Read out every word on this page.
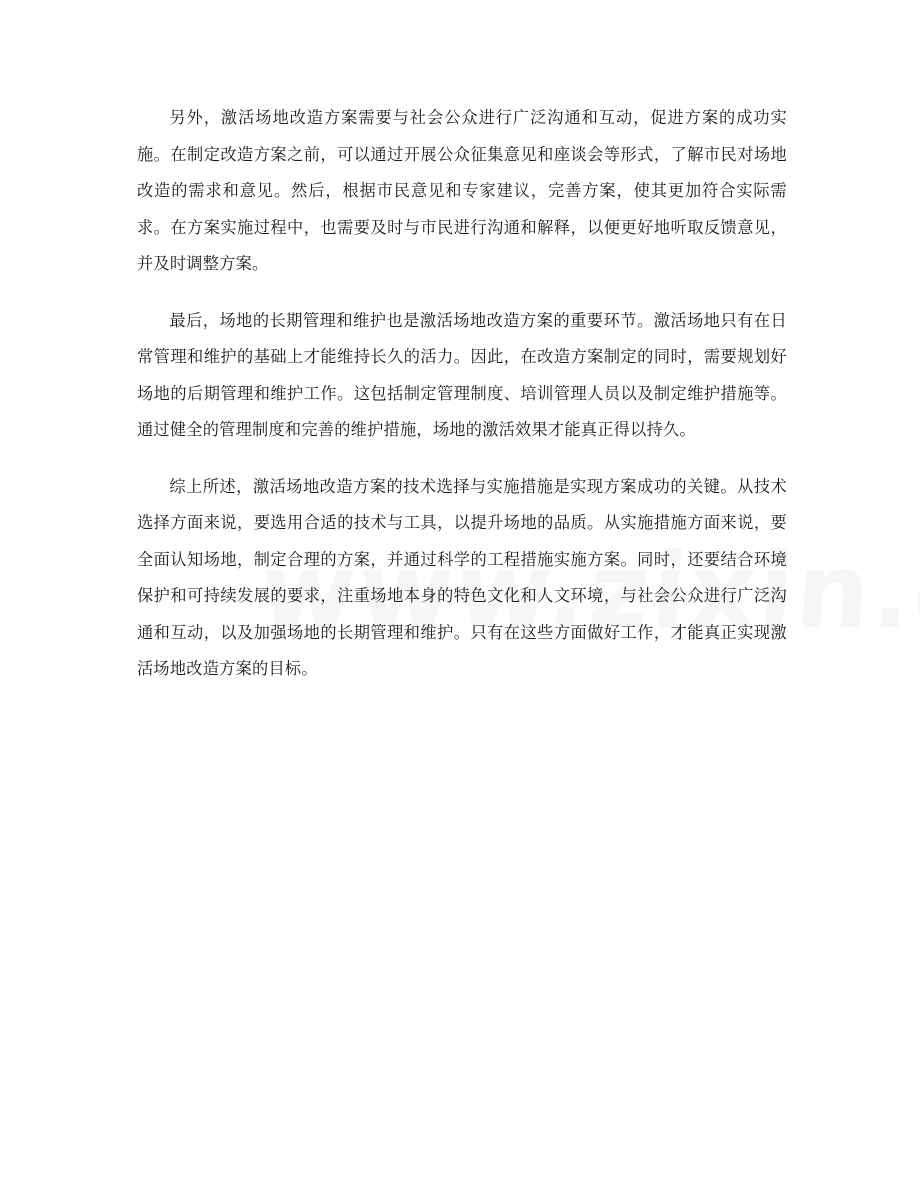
另外，激活场地改造方案需要与社会公众进行广泛沟通和互动，促进方案的成功实施。在制定改造方案之前，可以通过开展公众征集意见和座谈会等形式，了解市民对场地改造的需求和意见。然后，根据市民意见和专家建议，完善方案，使其更加符合实际需求。在方案实施过程中，也需要及时与市民进行沟通和解释，以便更好地听取反馈意见，并及时调整方案。

最后，场地的长期管理和维护也是激活场地改造方案的重要环节。激活场地只有在日常管理和维护的基础上才能维持长久的活力。因此，在改造方案制定的同时，需要规划好场地的后期管理和维护工作。这包括制定管理制度、培训管理人员以及制定维护措施等。通过健全的管理制度和完善的维护措施，场地的激活效果才能真正得以持久。

综上所述，激活场地改造方案的技术选择与实施措施是实现方案成功的关键。从技术选择方面来说，要选用合适的技术与工具，以提升场地的品质。从实施措施方面来说，要全面认知场地，制定合理的方案，并通过科学的工程措施实施方案。同时，还要结合环境保护和可持续发展的要求，注重场地本身的特色文化和人文环境，与社会公众进行广泛沟通和互动，以及加强场地的长期管理和维护。只有在这些方面做好工作，才能真正实现激活场地改造方案的目标。
